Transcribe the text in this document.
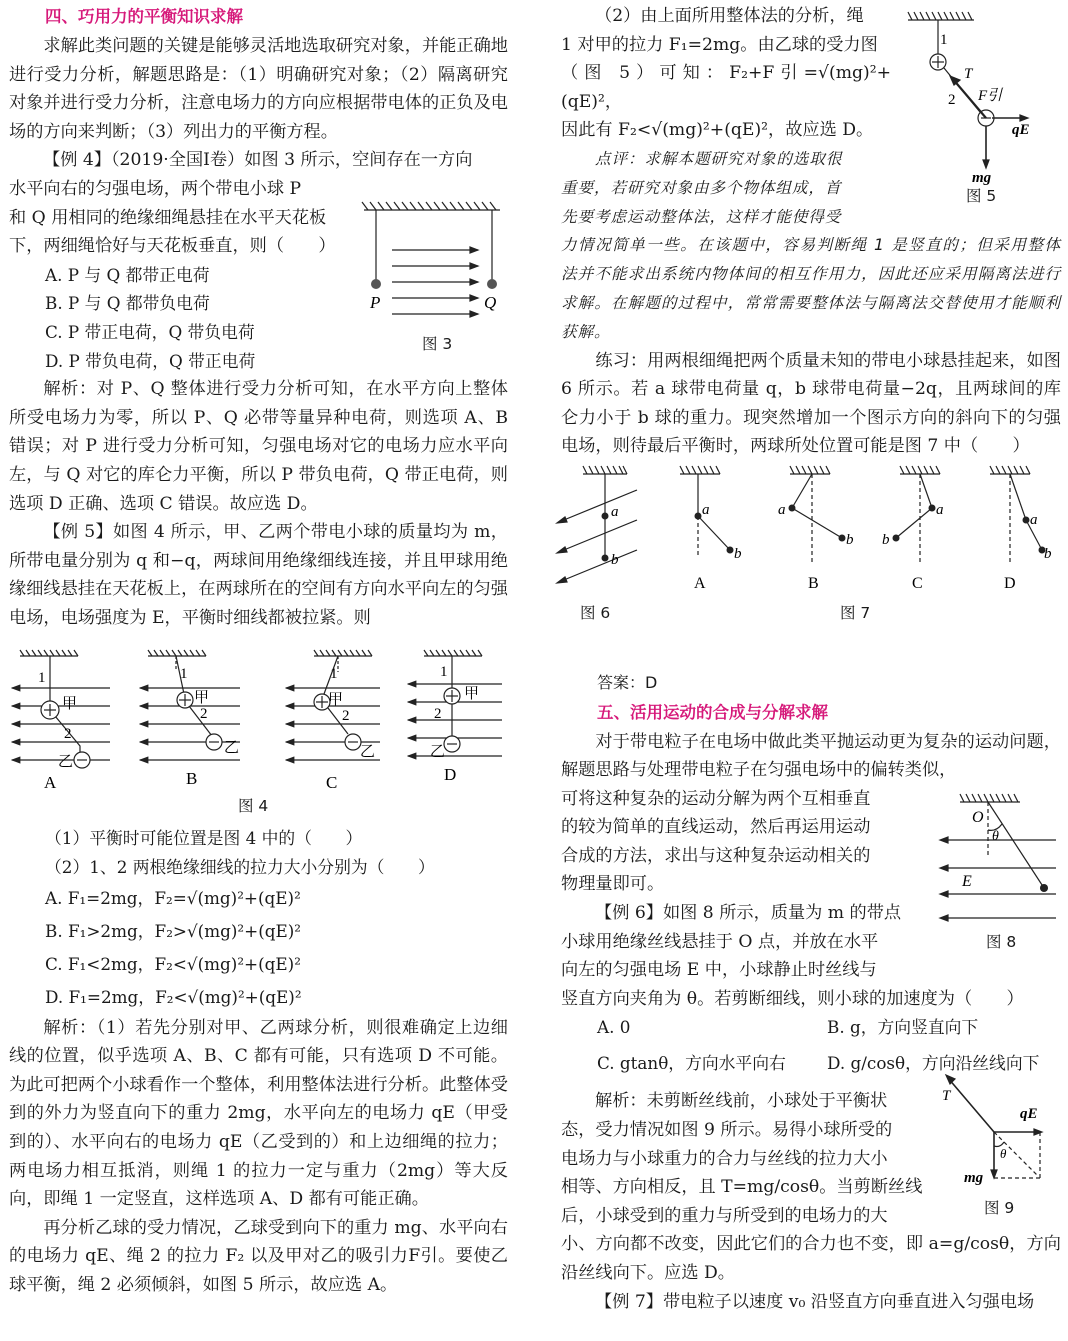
四、巧用力的平衡知识求解

求解此类问题的关键是能够灵活地选取研究对象，并能正确地进行受力分析，解题思路是：（1）明确研究对象；（2）隔离研究对象并进行受力分析，注意电场力的方向应根据带电体的正负及电场的方向来判断；（3）列出力的平衡方程。

【例 4】（2019·全国Ⅰ卷）如图 3 所示，空间存在一方向

水平向右的匀强电场，两个带电小球 P

和 Q 用相同的绝缘细绳悬挂在水平天花板

下，两细绳恰好与天花板垂直，则（　　）

A. P 与 Q 都带正电荷

B. P 与 Q 都带负电荷

C. P 带正电荷，Q 带负电荷

D. P 带负电荷，Q 带正电荷

解析：对 P、Q 整体进行受力分析可知，在水平方向上整体所受电场力为零，所以 P、Q 必带等量异种电荷，则选项 A、B 错误；对 P 进行受力分析可知，匀强电场对它的电场力应水平向左，与 Q 对它的库仑力平衡，所以 P 带负电荷，Q 带正电荷，则选项 D 正确、选项 C 错误。故应选 D。

【例 5】如图 4 所示，甲、乙两个带电小球的质量均为 m，所带电量分别为 q 和−q，两球间用绝缘细线连接，并且甲球用绝缘细线悬挂在天花板上，在两球所在的空间有方向水平向左的匀强电场，电场强度为 E，平衡时细线都被拉紧。则

（1）平衡时可能位置是图 4 中的（　　）

（2）1、2 两根绝缘细线的拉力大小分别为（　　）

A. F₁=2mg，F₂=√(mg)²+(qE)²

B. F₁>2mg，F₂>√(mg)²+(qE)²

C. F₁<2mg，F₂<√(mg)²+(qE)²

D. F₁=2mg，F₂<√(mg)²+(qE)²

解析：（1）若先分别对甲、乙两球分析，则很难确定上边细线的位置，似乎选项 A、B、C 都有可能，只有选项 D 不可能。为此可把两个小球看作一个整体，利用整体法进行分析。此整体受到的外力为竖直向下的重力 2mg，水平向左的电场力 qE（甲受到的）、水平向右的电场力 qE（乙受到的）和上边细绳的拉力；两电场力相互抵消，则绳 1 的拉力一定与重力（2mg）等大反向，即绳 1 一定竖直，这样选项 A、D 都有可能正确。

再分析乙球的受力情况，乙球受到向下的重力 mg、水平向右的电场力 qE、绳 2 的拉力 F₂ 以及甲对乙的吸引力F引。要使乙球平衡，绳 2 必须倾斜，如图 5 所示，故应选 A。

P	Q
图 3
1
甲
2
乙
A
1
甲
2
乙
B
1
甲
2
乙
C
1
甲
2
乙
D
图 4

（2）由上面所用整体法的分析，绳

1 对甲的拉力 F₁=2mg。由乙球的受力图

（图 5）可知：F₂+F引=√(mg)²+(qE)²，

因此有 F₂<√(mg)²+(qE)²，故应选 D。

点评：求解本题研究对象的选取很

重要，若研究对象由多个物体组成，首

先要考虑运动整体法，这样才能使得受

力情况简单一些。在该题中，容易判断绳 1 是竖直的；但采用整体法并不能求出系统内物体间的相互作用力，因此还应采用隔离法进行求解。在解题的过程中，常常需要整体法与隔离法交替使用才能顺利获解。

练习：用两根细绳把两个质量未知的带电小球悬挂起来，如图 6 所示。若 a 球带电荷量 q，b 球带电荷量−2q，且两球间的库仑力小于 b 球的重力。现突然增加一个图示方向的斜向下的匀强电场，则待最后平衡时，两球所处位置可能是图 7 中（　　）

答案：D

五、活用运动的合成与分解求解

对于带电粒子在电场中做此类平抛运动更为复杂的运动问题，解题思路与处理带电粒子在匀强电场中的偏转类似，

可将这种复杂的运动分解为两个互相垂直

的较为简单的直线运动，然后再运用运动

合成的方法，求出与这种复杂运动相关的

物理量即可。

【例 6】如图 8 所示，质量为 m 的带点

小球用绝缘丝线悬挂于 O 点，并放在水平

向左的匀强电场 E 中，小球静止时丝线与

竖直方向夹角为 θ。若剪断细线，则小球的加速度为（　　）

A. 0	B. g，方向竖直向下
C. gtanθ，方向水平向右	D. g/cosθ，方向沿丝线向下

解析：未剪断丝线前，小球处于平衡状

态，受力情况如图 9 所示。易得小球所受的

电场力与小球重力的合力与丝线的拉力大小

相等、方向相反，且 T=mg/cosθ。当剪断丝线

后，小球受到的重力与所受到的电场力的大

小、方向都不改变，因此它们的合力也不变，即 a=g/cosθ，方向沿丝线向下。应选 D。

【例 7】带电粒子以速度 v₀ 沿竖直方向垂直进入匀强电场

1
T
2 F引
qE
mg
图 5
a
b
图 6
a
b
a
b
a
b
a
b
A	B	C	D
图 7
O
θ
E
图 8
T
qE
mg
θ
图 9
